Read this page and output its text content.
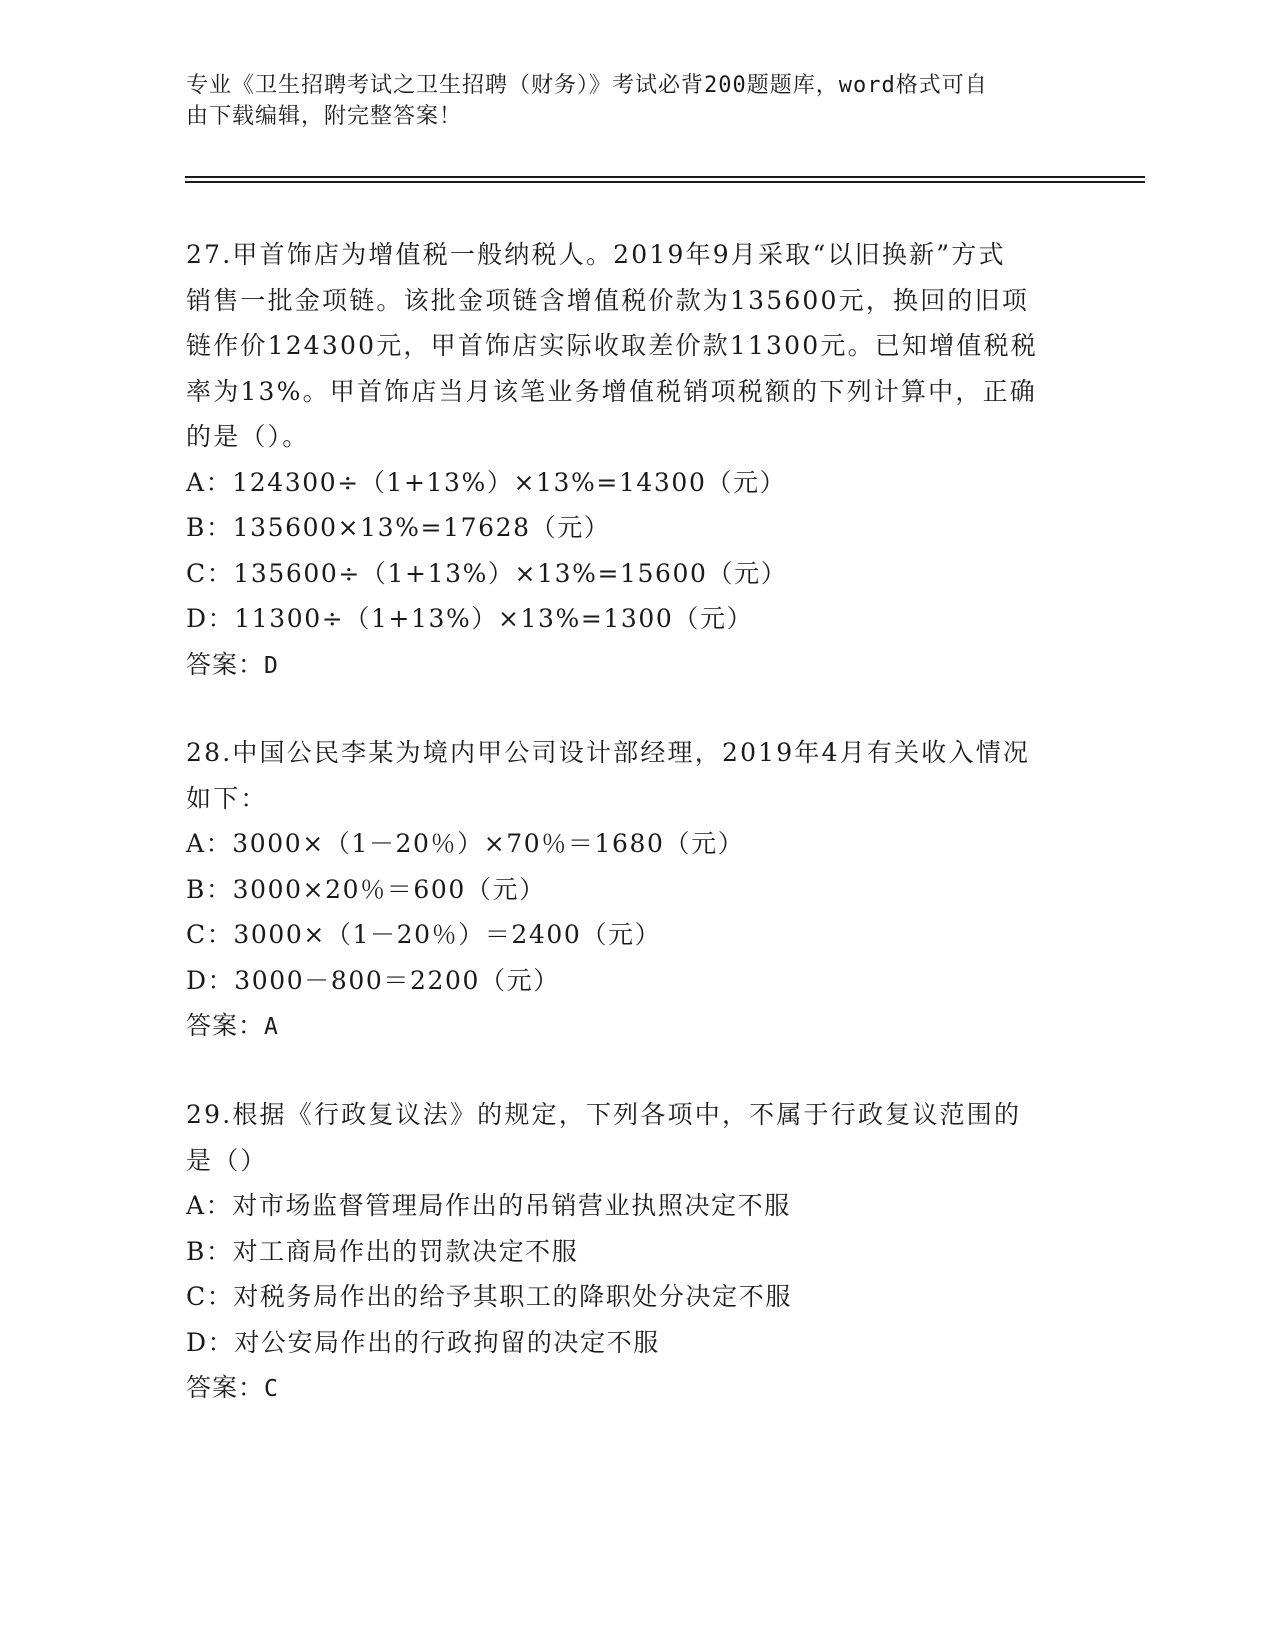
专业《卫生招聘考试之卫生招聘（财务）》考试必背200题题库，word格式可自
由下载编辑，附完整答案！
27.甲首饰店为增值税一般纳税人。2019年9月采取“以旧换新”方式
销售一批金项链。该批金项链含增值税价款为135600元，换回的旧项
链作价124300元，甲首饰店实际收取差价款11300元。已知增值税税
率为13%。甲首饰店当月该笔业务增值税销项税额的下列计算中，正确
的是（）。
A：124300÷（1+13%）×13%=14300（元）
B：135600×13%=17628（元）
C：135600÷（1+13%）×13%=15600（元）
D：11300÷（1+13%）×13%=1300（元）
答案：D
28.中国公民李某为境内甲公司设计部经理，2019年4月有关收入情况
如下：
A：3000×（1－20％）×70％＝1680（元）
B：3000×20％＝600（元）
C：3000×（1－20％）＝2400（元）
D：3000－800＝2200（元）
答案：A
29.根据《行政复议法》的规定，下列各项中，不属于行政复议范围的
是（）
A：对市场监督管理局作出的吊销营业执照决定不服
B：对工商局作出的罚款决定不服
C：对税务局作出的给予其职工的降职处分决定不服
D：对公安局作出的行政拘留的决定不服
答案：C
